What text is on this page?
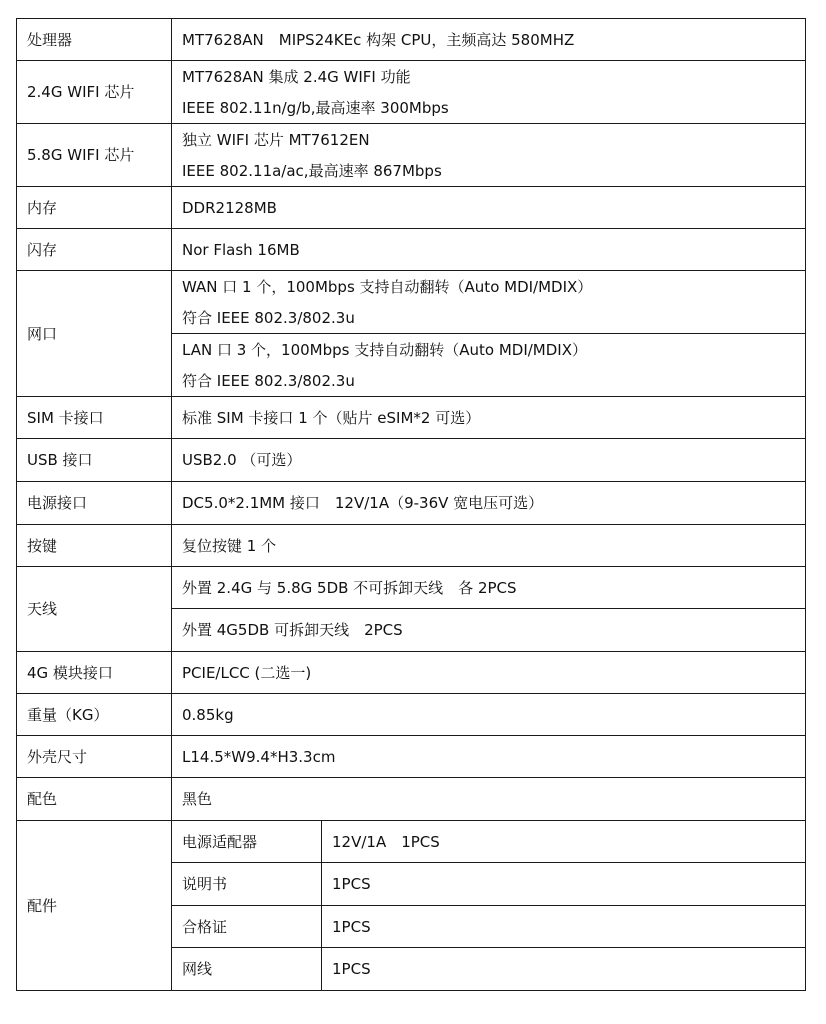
处理器	MT7628AN　MIPS24KEc 构架 CPU，主频高达 580MHZ	
2.4G WIFI 芯片	MT7628AN 集成 2.4G WIFI 功能
IEEE 802.11n/g/b,最高速率 300Mbps	

5.8G WIFI 芯片	独立 WIFI 芯片 MT7612EN
IEEE 802.11a/ac,最高速率 867Mbps	

内存	DDR2128MB	
闪存	Nor Flash 16MB	
网口	WAN 口 1 个，100Mbps 支持自动翻转（Auto MDI/MDIX）
符合 IEEE 802.3/802.3u	

	LAN 口 3 个，100Mbps 支持自动翻转（Auto MDI/MDIX）
符合 IEEE 802.3/802.3u	

SIM 卡接口	标准 SIM 卡接口 1 个（贴片 eSIM*2 可选）	
USB 接口	USB2.0 （可选）	
电源接口	DC5.0*2.1MM 接口　12V/1A（9-36V 宽电压可选）	
按键	复位按键 1 个	
天线	外置 2.4G 与 5.8G 5DB 不可拆卸天线　各 2PCS	
	外置 4G5DB 可拆卸天线　2PCS	
4G 模块接口	PCIE/LCC (二选一)	
重量（KG）	0.85kg	
外壳尺寸	L14.5*W9.4*H3.3cm	
配色	黑色	
配件	电源适配器	12V/1A　1PCS
	说明书	1PCS
	合格证	1PCS
	网线	1PCS
